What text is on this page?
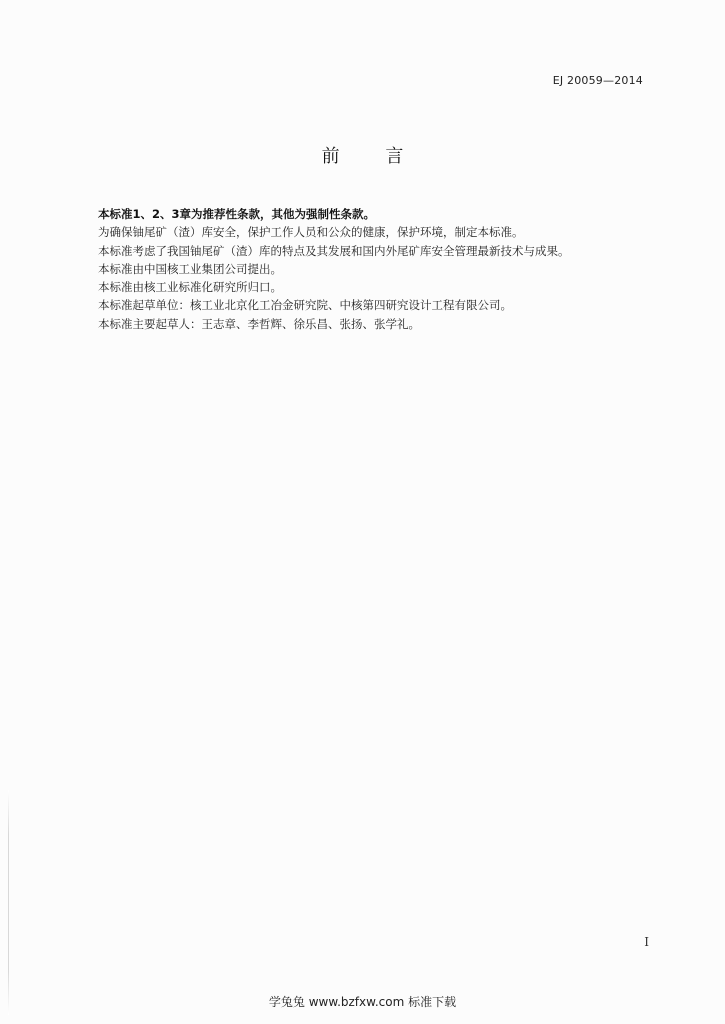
EJ 20059—2014
前 言

本标准1、2、3章为推荐性条款，其他为强制性条款。

为确保铀尾矿（渣）库安全，保护工作人员和公众的健康，保护环境，制定本标准。

本标准考虑了我国铀尾矿（渣）库的特点及其发展和国内外尾矿库安全管理最新技术与成果。

本标准由中国核工业集团公司提出。

本标准由核工业标准化研究所归口。

本标准起草单位：核工业北京化工冶金研究院、中核第四研究设计工程有限公司。

本标准主要起草人：王志章、李哲辉、徐乐昌、张扬、张学礼。

I
学兔兔 www.bzfxw.com 标准下载
